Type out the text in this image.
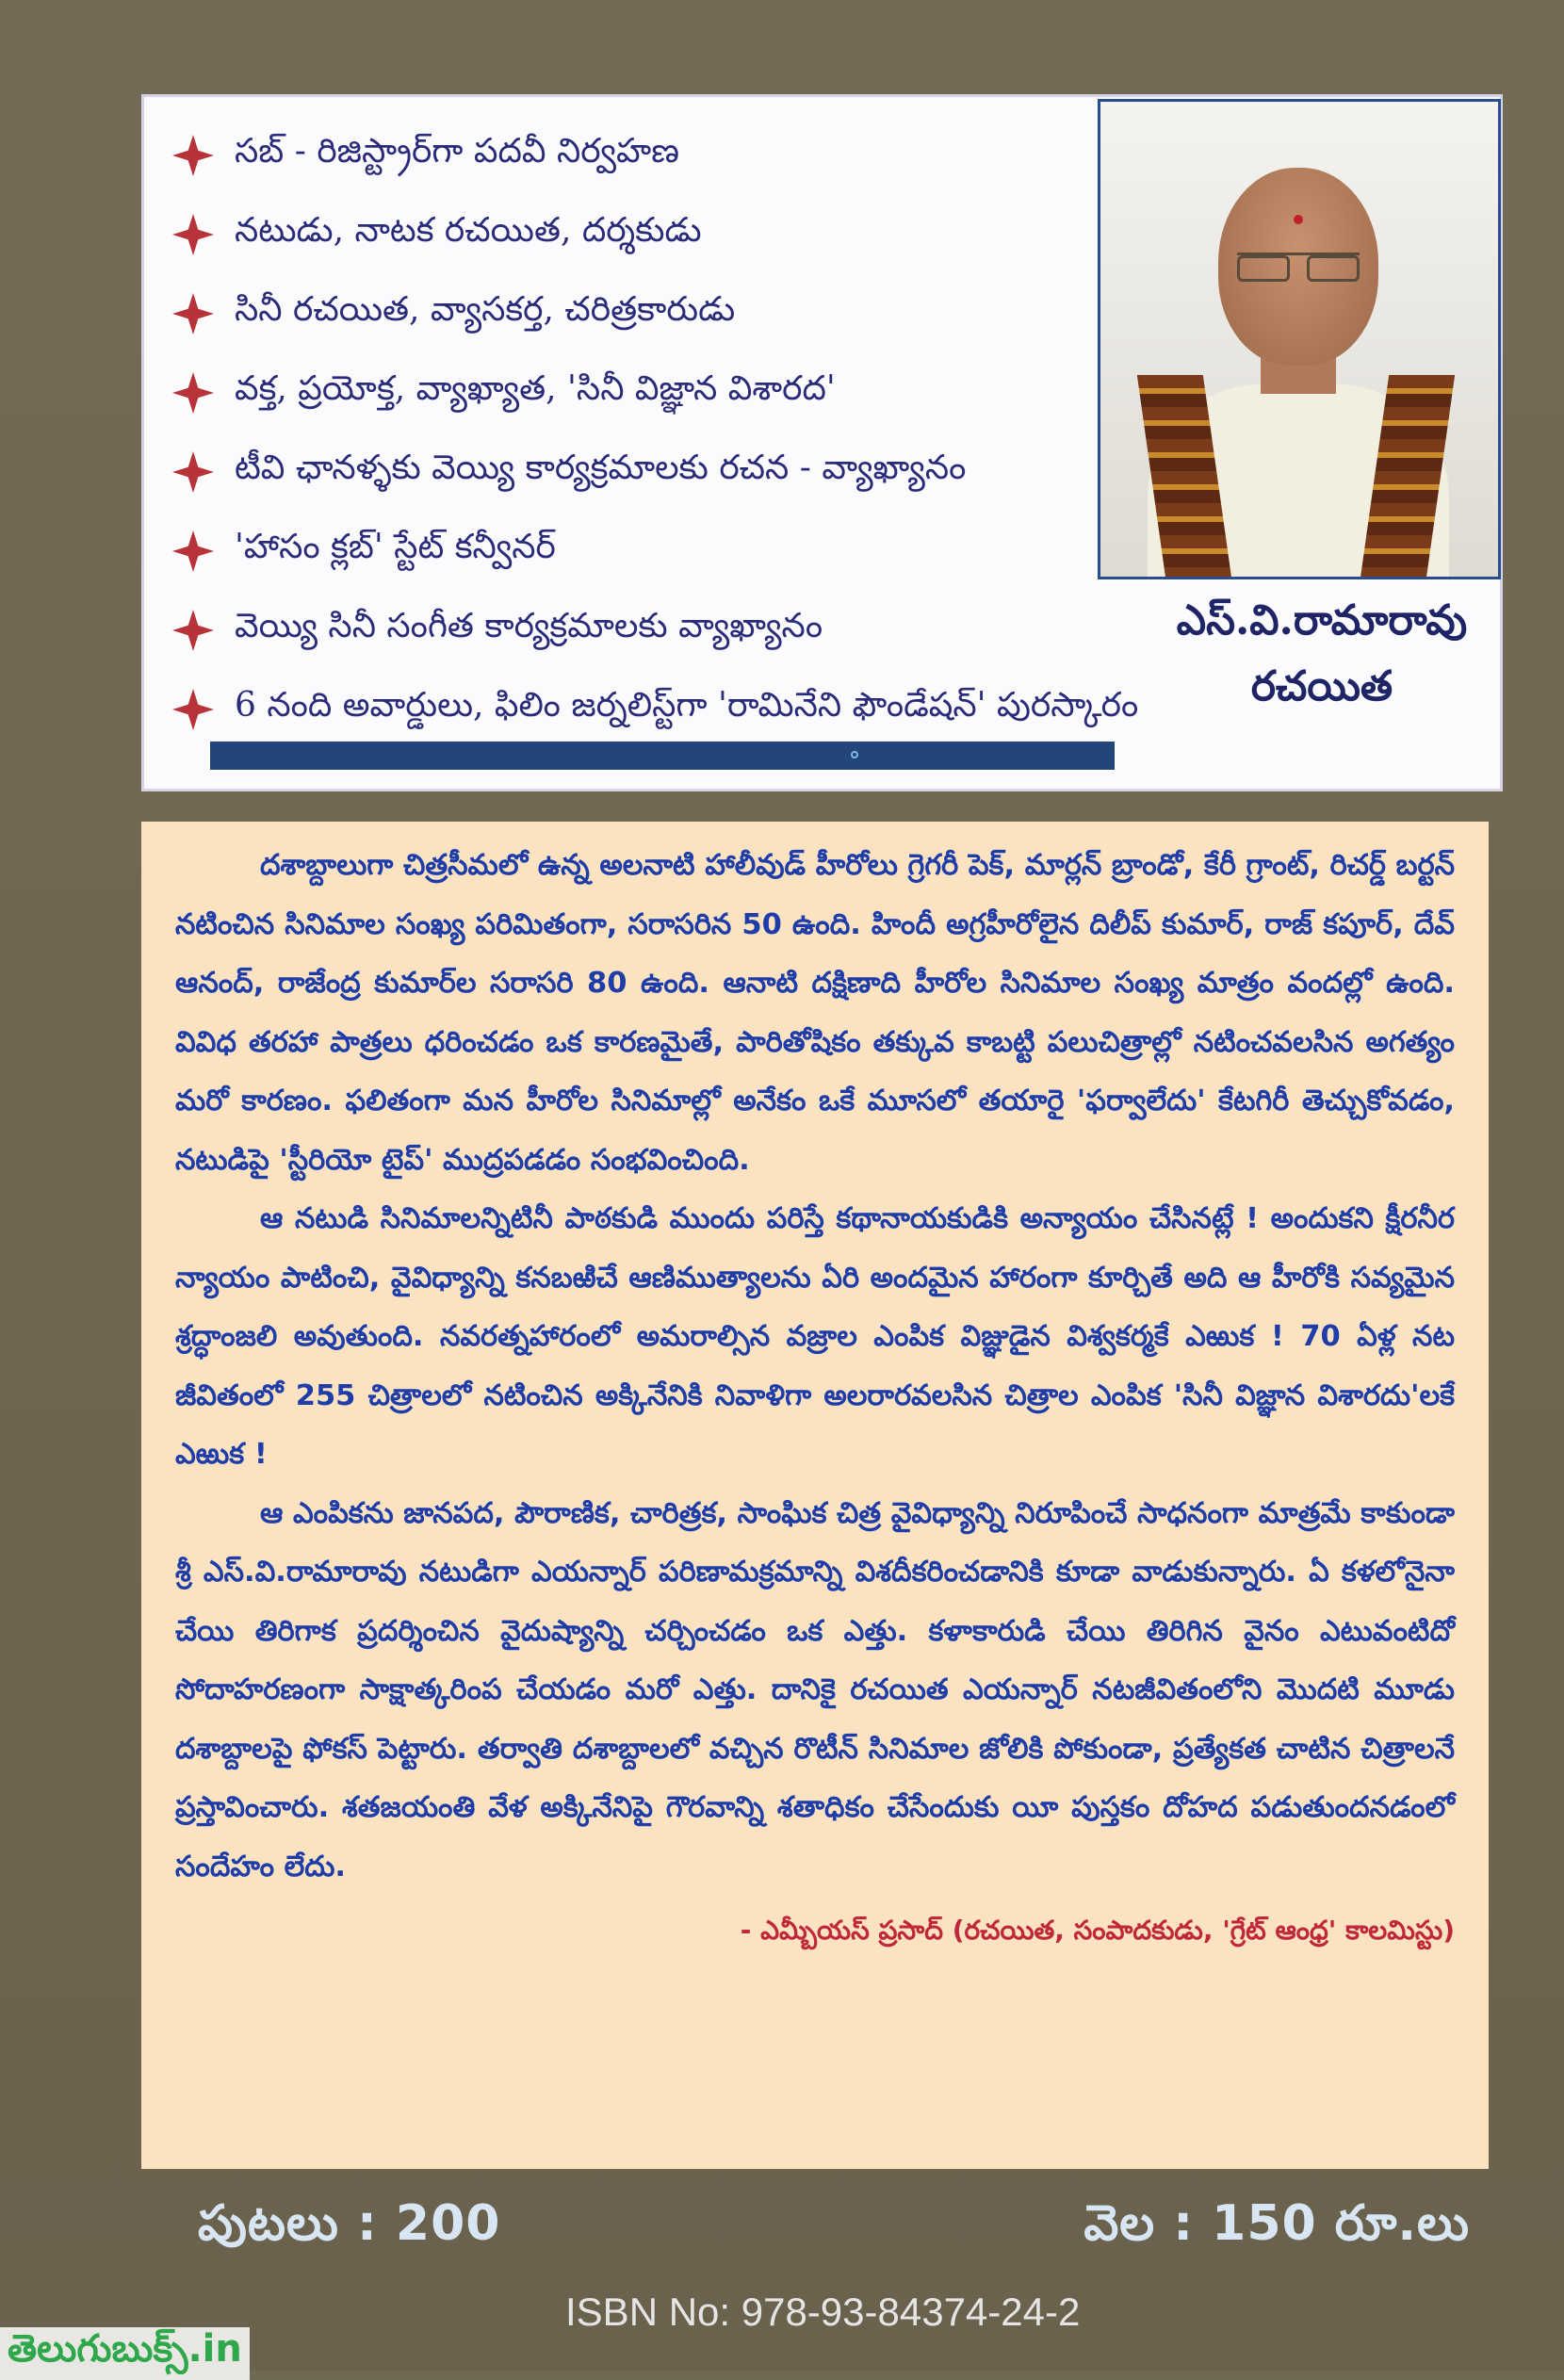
సబ్ - రిజిస్ట్రార్‌గా పదవీ నిర్వహణ
నటుడు, నాటక రచయిత, దర్శకుడు
సినీ రచయిత, వ్యాసకర్త, చరిత్రకారుడు
వక్త, ప్రయోక్త, వ్యాఖ్యాత, 'సినీ విజ్ఞాన విశారద'
టీవి ఛానళ్ళకు వెయ్యి కార్యక్రమాలకు రచన - వ్యాఖ్యానం
'హాసం క్లబ్' స్టేట్ కన్వీనర్
వెయ్యి సినీ సంగీత కార్యక్రమాలకు వ్యాఖ్యానం
6 నంది అవార్డులు, ఫిలిం జర్నలిస్ట్‌గా 'రామినేని ఫౌండేషన్' పురస్కారం
ఎస్.వి.రామారావు
రచయిత

దశాబ్దాలుగా చిత్రసీమలో ఉన్న అలనాటి హాలీవుడ్ హీరోలు గ్రెగరీ పెక్, మార్లన్ బ్రాండో, కేరీ గ్రాంట్, రిచర్డ్ బర్టన్ నటించిన సినిమాల సంఖ్య పరిమితంగా, సరాసరిన 50 ఉంది. హిందీ అగ్రహీరోలైన దిలీప్ కుమార్, రాజ్ కపూర్, దేవ్ ఆనంద్, రాజేంద్ర కుమార్‌ల సరాసరి 80 ఉంది. ఆనాటి దక్షిణాది హీరోల సినిమాల సంఖ్య మాత్రం వందల్లో ఉంది. వివిధ తరహా పాత్రలు ధరించడం ఒక కారణమైతే, పారితోషికం తక్కువ కాబట్టి పలుచిత్రాల్లో నటించవలసిన అగత్యం మరో కారణం. ఫలితంగా మన హీరోల సినిమాల్లో అనేకం ఒకే మూసలో తయారై 'ఫర్వాలేదు' కేటగిరీ తెచ్చుకోవడం, నటుడిపై 'స్టీరియో టైప్' ముద్రపడడం సంభవించింది.

ఆ నటుడి సినిమాలన్నిటినీ పాఠకుడి ముందు పరిస్తే కథానాయకుడికి అన్యాయం చేసినట్లే ! అందుకని క్షీరనీర న్యాయం పాటించి, వైవిధ్యాన్ని కనబఱిచే ఆణిముత్యాలను ఏరి అందమైన హారంగా కూర్చితే అది ఆ హీరోకి సవ్యమైన శ్రద్ధాంజలి అవుతుంది. నవరత్నహారంలో అమరాల్సిన వజ్రాల ఎంపిక విజ్ఞుడైన విశ్వకర్మకే ఎఱుక ! 70 ఏళ్ల నట జీవితంలో 255 చిత్రాలలో నటించిన అక్కినేనికి నివాళిగా అలరారవలసిన చిత్రాల ఎంపిక 'సినీ విజ్ఞాన విశారదు'లకే ఎఱుక !

ఆ ఎంపికను జానపద, పౌరాణిక, చారిత్రక, సాంఘిక చిత్ర వైవిధ్యాన్ని నిరూపించే సాధనంగా మాత్రమే కాకుండా శ్రీ ఎస్.వి.రామారావు నటుడిగా ఎయన్నార్ పరిణామక్రమాన్ని విశదీకరించడానికి కూడా వాడుకున్నారు. ఏ కళలోనైనా చేయి తిరిగాక ప్రదర్శించిన వైదుష్యాన్ని చర్చించడం ఒక ఎత్తు. కళాకారుడి చేయి తిరిగిన వైనం ఎటువంటిదో సోదాహరణంగా సాక్షాత్కరింప చేయడం మరో ఎత్తు. దానికై రచయిత ఎయన్నార్ నటజీవితంలోని మొదటి మూడు దశాబ్దాలపై ఫోకస్ పెట్టారు. తర్వాతి దశాబ్దాలలో వచ్చిన రొటీన్ సినిమాల జోలికి పోకుండా, ప్రత్యేకత చాటిన చిత్రాలనే ప్రస్తావించారు. శతజయంతి వేళ అక్కినేనిపై గౌరవాన్ని శతాధికం చేసేందుకు యీ పుస్తకం దోహద పడుతుందనడంలో సందేహం లేదు.

- ఎమ్బీయస్ ప్రసాద్ (రచయిత, సంపాదకుడు, 'గ్రేట్ ఆంధ్ర' కాలమిస్టు)
పుటలు : 200	వెల : 150 రూ.లు
ISBN No: 978-93-84374-24-2
తెలుగుబుక్స్.in
